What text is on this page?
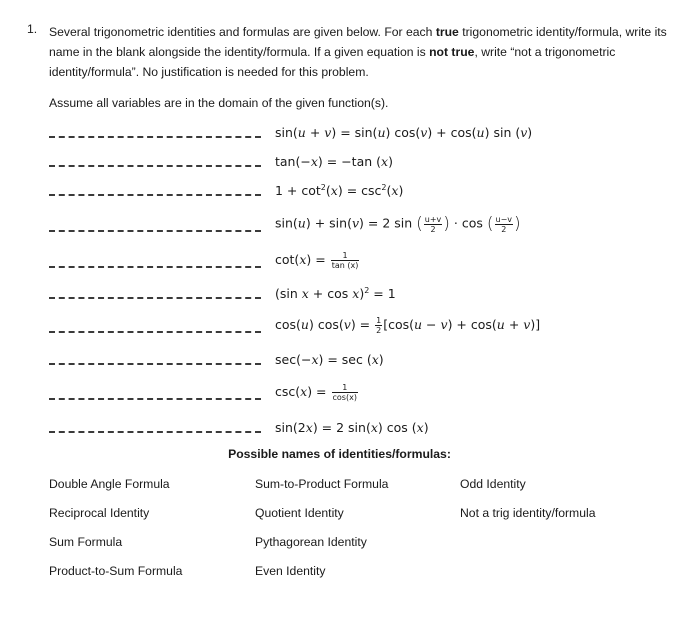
1. Several trigonometric identities and formulas are given below. For each true trigonometric identity/formula, write its name in the blank alongside the identity/formula. If a given equation is not true, write “not a trigonometric identity/formula”. No justification is needed for this problem.
Assume all variables are in the domain of the given function(s).
sin(u + v) = sin(u) cos(v) + cos(u) sin (v)
tan(−x) = −tan (x)
$1 + \cot^2(x) = \csc^2(x)$
sin(u) + sin(v) = 2 sin ( $\frac{u+v}{2}$ ) · cos ( $\frac{u-v}{2}$ )
$\cot(x) = \frac{1}{\tan (x)}$
(sin x + cos x)$^2$ = 1
cos(u) $\cos(v) = \frac{1}{2} [\cos(u - v) + \cos(u + v)]$
sec(−x) = sec (x)
$\csc(x) = \frac{1}{\cos(x)}$
sin(2x) = 2 sin(x) cos (x)
Possible names of identities/formulas:
Double Angle Formula
Reciprocal Identity
Sum Formula
Product-to-Sum Formula
Sum-to-Product Formula
Quotient Identity
Pythagorean Identity
Even Identity
Odd Identity
Not a trig identity/formula
